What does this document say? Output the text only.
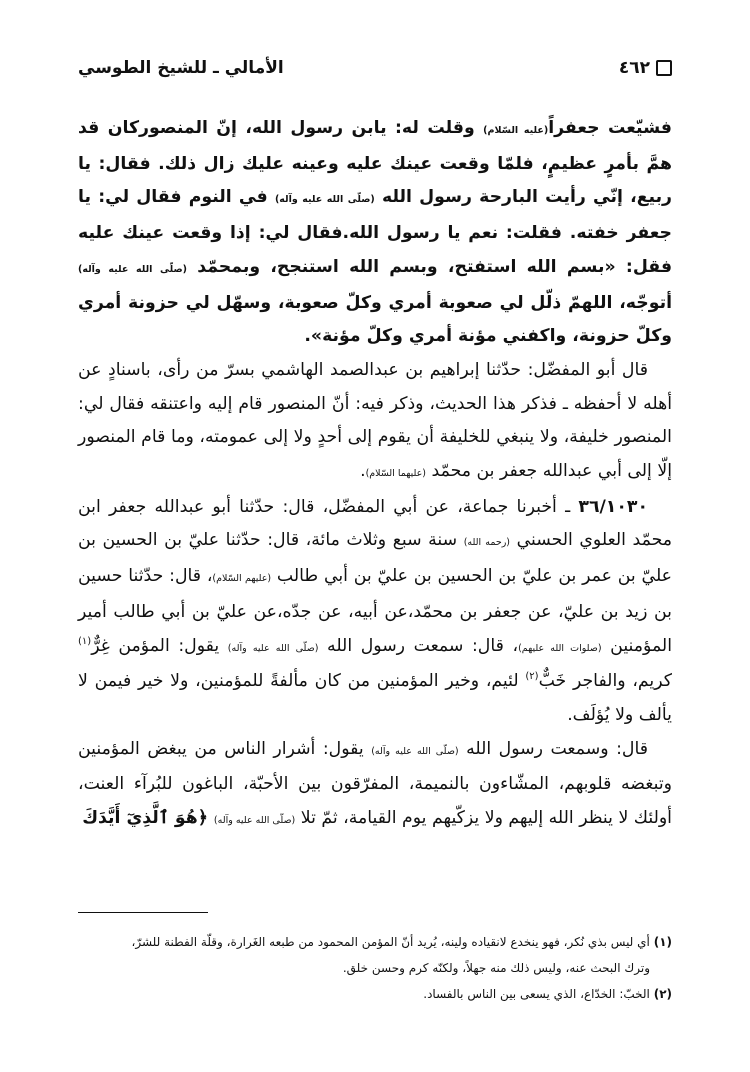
٤٦٢
الأمالي ـ للشيخ الطوسي

فشيّعت جعفراً(عليه السّلام) وقلت له: يابن رسول الله، إنّ المنصوركان قد همَّ بأمرٍ عظيمٍ، فلمّا وقعت عينك عليه وعينه عليك زال ذلك. فقال: يا ربيع، إنّي رأيت البارحة رسول الله (صلّى الله عليه وآله) في النوم فقال لي: يا جعفر خفته. فقلت: نعم يا رسول الله.فقال لي: إذا وقعت عينك عليه فقل: «بسم الله استفتح، وبسم الله استنجح، وبمحمّد (صلّى الله عليه وآله) أتوجّه، اللهمّ ذلّل لي صعوبة أمري وكلّ صعوبة، وسهّل لي حزونة أمري وكلّ حزونة، واكفني مؤنة أمري وكلّ مؤنة».

قال أبو المفضّل: حدّثنا إبراهيم بن عبدالصمد الهاشمي بسرّ من رأى، باسنادٍ عن أهله لا أحفظه ـ فذكر هذا الحديث، وذكر فيه: أنّ المنصور قام إليه واعتنقه فقال لي: المنصور خليفة، ولا ينبغي للخليفة أن يقوم إلى أحدٍ ولا إلى عمومته، وما قام المنصور إلّا إلى أبي عبدالله جعفر بن محمّد (عليهما السّلام).

٣٦/١٠٣٠ ـ أخبرنا جماعة، عن أبي المفضّل، قال: حدّثنا أبو عبدالله جعفر ابن محمّد العلوي الحسني (رحمه الله) سنة سبع وثلاث مائة، قال: حدّثنا عليّ بن الحسين بن عليّ بن عمر بن عليّ بن الحسين بن عليّ بن أبي طالب (عليهم السّلام)، قال: حدّثنا حسين بن زيد بن عليّ، عن جعفر بن محمّد،عن أبيه، عن جدّه،عن عليّ بن أبي طالب أمير المؤمنين (صلوات الله عليهم)، قال: سمعت رسول الله (صلّى الله عليه وآله) يقول: المؤمن غِرٌّ$^{(١)}$ كريم، والفاجر خَبٌّ$^{(٢)}$ لئيم، وخير المؤمنين من كان مألفةً للمؤمنين، ولا خير فيمن لا يألف ولا يُؤلَف.

قال: وسمعت رسول الله (صلّى الله عليه وآله) يقول: أشرار الناس من يبغض المؤمنين وتبغضه قلوبهم، المشّاءون بالنميمة، المفرّقون بين الأحبّة، الباغون للبُرآء العنت، أولئك لا ينظر الله إليهم ولا يزكّيهم يوم القيامة، ثمّ تلا (صلّى الله عليه وآله) ﴿هُوَ ٱلَّذِيٓ أَيَّدَكَ

(١) أي ليس بذي نُكر، فهو ينخدع لانقياده ولينه، يُريد أنّ المؤمن المحمود من طبعه الغَرارة، وقلّة الفطنة للشرّ،

وترك البحث عنه، وليس ذلك منه جهلاً، ولكنّه كرم وحسن خلق.

(٢) الخبّ: الخدّاع، الذي يسعى بين الناس بالفساد.
